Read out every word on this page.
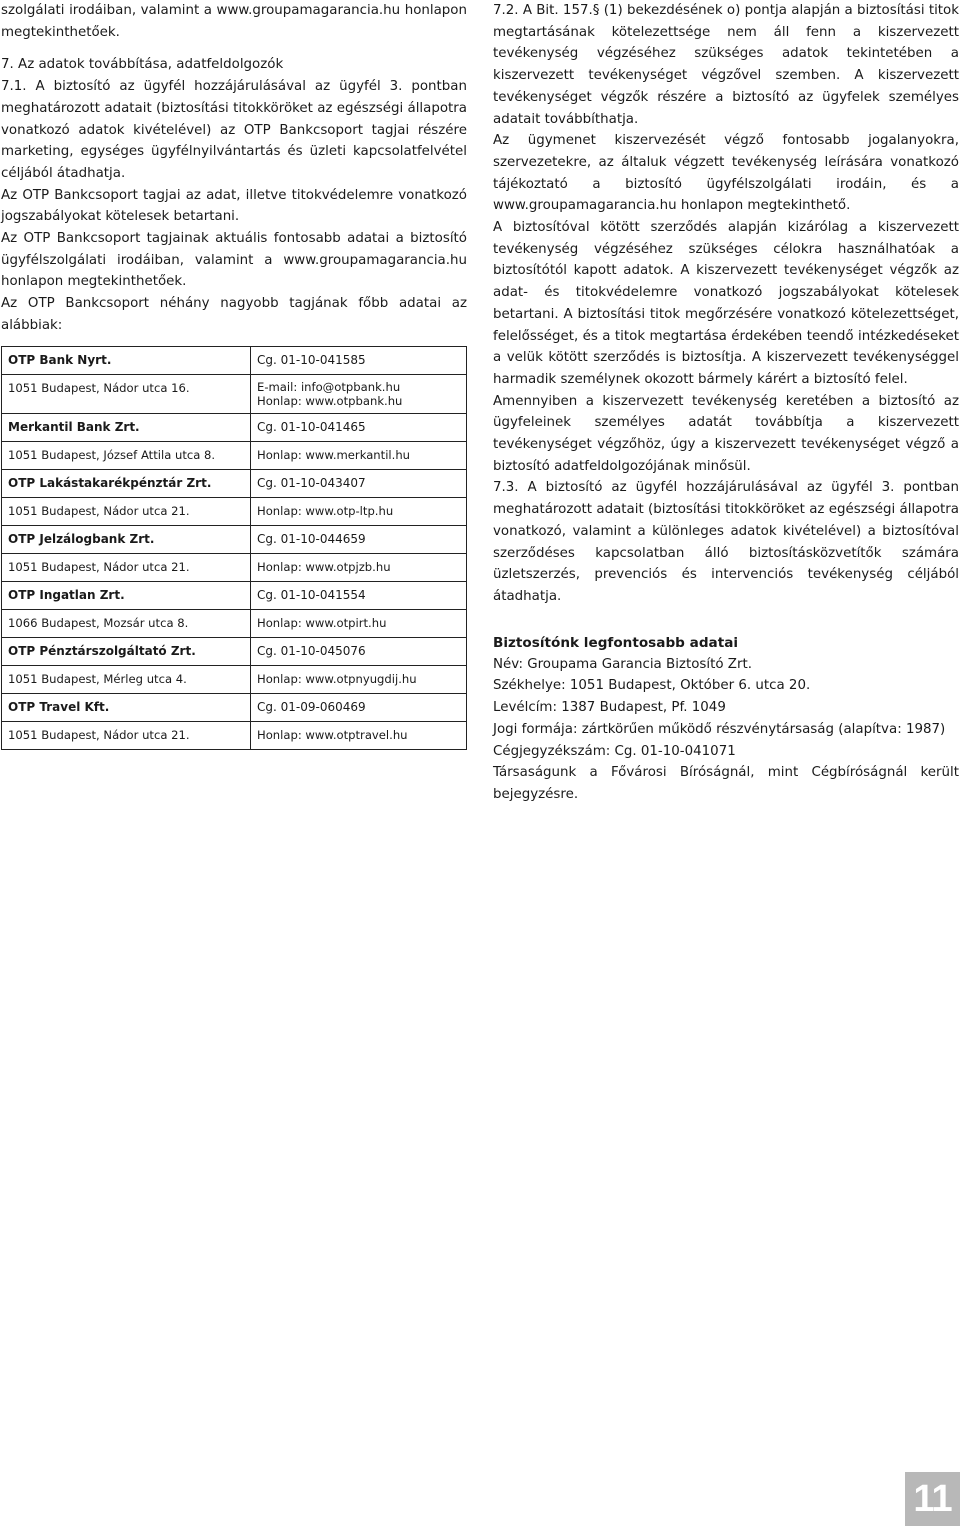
szolgálati irodáiban, valamint a www.groupamagarancia.hu honlapon

megtekinthetőek.

7. Az adatok továbbítása, adatfeldolgozók

7.1. A biztosító az ügyfél hozzájárulásával az ügyfél 3. pontban meghatározott adatait (biztosítási titokköröket az egészségi állapotra vonatkozó adatok kivételével) az OTP Bankcsoport tagjai részére marketing, egységes ügyfélnyilvántartás és üzleti kapcsolatfelvétel céljából átadhatja.

Az OTP Bankcsoport tagjai az adat, illetve titokvédelemre vonatkozó jogszabályokat kötelesek betartani.

Az OTP Bankcsoport tagjainak aktuális fontosabb adatai a biztosító ügyfélszolgálati irodáiban, valamint a www.groupamagarancia.hu honlapon megtekinthetőek.

Az OTP Bankcsoport néhány nagyobb tagjának főbb adatai az alábbiak:

OTP Bank Nyrt.	Cg. 01-10-041585
1051 Budapest, Nádor utca 16.	E-mail: info@otpbank.hu
Honlap: www.otpbank.hu

Merkantil Bank Zrt.	Cg. 01-10-041465
1051 Budapest, József Attila utca 8.	Honlap: www.merkantil.hu
OTP Lakástakarékpénztár Zrt.	Cg. 01-10-043407
1051 Budapest, Nádor utca 21.	Honlap: www.otp-ltp.hu
OTP Jelzálogbank Zrt.	Cg. 01-10-044659
1051 Budapest, Nádor utca 21.	Honlap: www.otpjzb.hu
OTP Ingatlan Zrt.	Cg. 01-10-041554
1066 Budapest, Mozsár utca 8.	Honlap: www.otpirt.hu
OTP Pénztárszolgáltató Zrt.	Cg. 01-10-045076
1051 Budapest, Mérleg utca 4.	Honlap: www.otpnyugdij.hu
OTP Travel Kft.	Cg. 01-09-060469
1051 Budapest, Nádor utca 21.	Honlap: www.otptravel.hu

7.2. A Bit. 157.§ (1) bekezdésének o) pontja alapján a biztosítási titok megtartásának kötelezettsége nem áll fenn a kiszervezett tevékenység végzéséhez szükséges adatok tekintetében a kiszervezett tevékenységet végzővel szemben. A kiszervezett tevékenységet végzők részére a biztosító az ügyfelek személyes adatait továbbíthatja.

Az ügymenet kiszervezését végző fontosabb jogalanyokra, szervezetekre, az általuk végzett tevékenység leírására vonatkozó tájékoztató a biztosító ügyfélszolgálati irodáin, és a www.groupamagarancia.hu honlapon megtekinthető.

A biztosítóval kötött szerződés alapján kizárólag a kiszervezett tevékenység végzéséhez szükséges célokra használhatóak a biztosítótól kapott adatok. A kiszervezett tevékenységet végzők az adat- és titokvédelemre vonatkozó jogszabályokat kötelesek betartani. A biztosítási titok megőrzésére vonatkozó kötelezettséget, felelősséget, és a titok megtartása érdekében teendő intézkedéseket a velük kötött szerződés is biztosítja. A kiszervezett tevékenységgel harmadik személynek okozott bármely kárért a biztosító felel.

Amennyiben a kiszervezett tevékenység keretében a biztosító az ügyfeleinek személyes adatát továbbítja a kiszervezett tevékenységet végzőhöz, úgy a kiszervezett tevékenységet végző a biztosító adatfeldolgozójának minősül.

7.3. A biztosító az ügyfél hozzájárulásával az ügyfél 3. pontban meghatározott adatait (biztosítási titokköröket az egészségi állapotra vonatkozó, valamint a különleges adatok kivételével) a biztosítóval szerződéses kapcsolatban álló biztosításközvetítők számára üzletszerzés, prevenciós és intervenciós tevékenység céljából átadhatja.

Biztosítónk legfontosabb adatai

Név: Groupama Garancia Biztosító Zrt.

Székhelye: 1051 Budapest, Október 6. utca 20.

Levélcím: 1387 Budapest, Pf. 1049

Jogi formája: zártkörűen működő részvénytársaság (alapítva: 1987)

Cégjegyzékszám: Cg. 01-10-041071

Társaságunk a Fővárosi Bíróságnál, mint Cégbíróságnál került bejegyzésre.

11
